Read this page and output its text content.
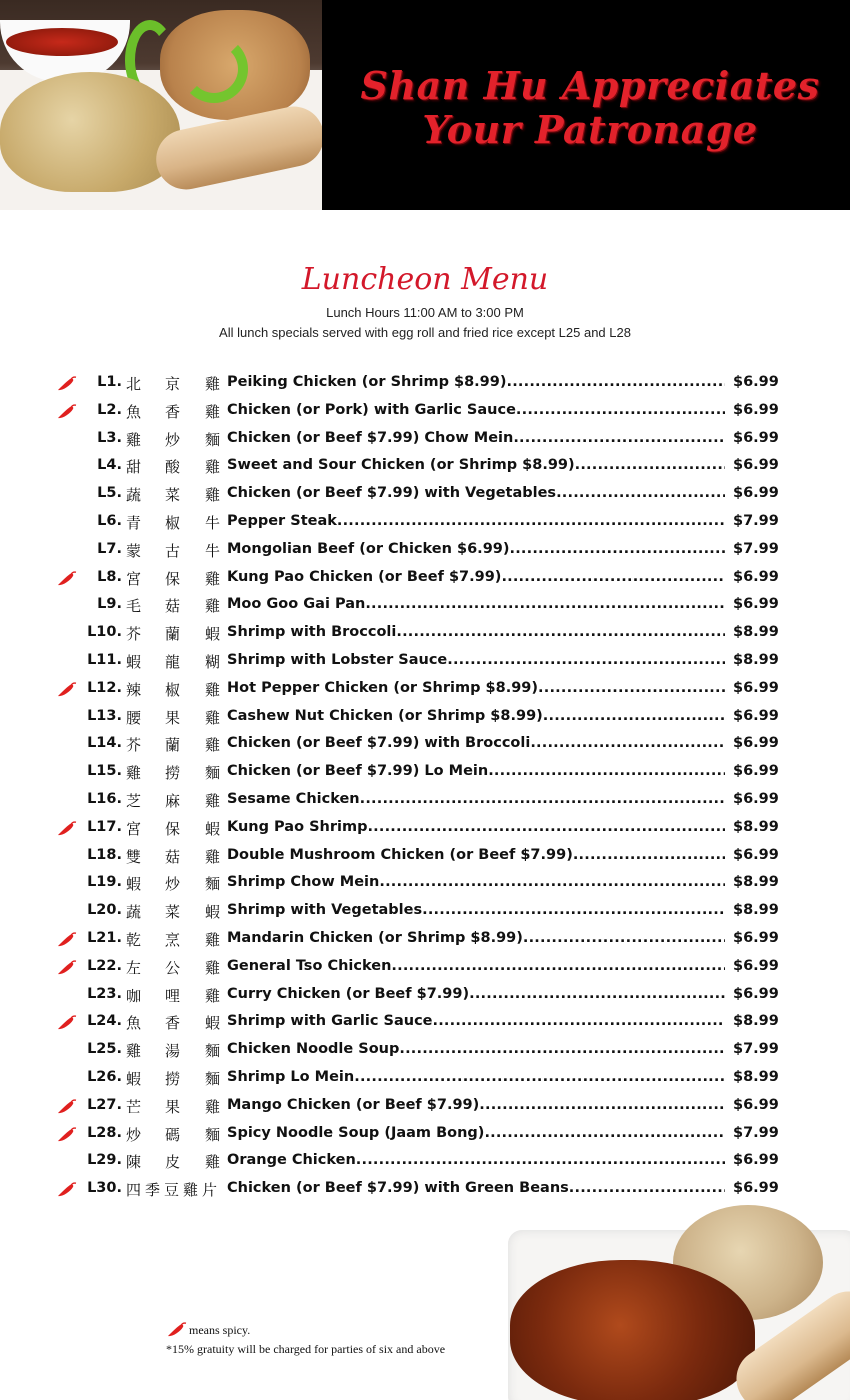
Shan Hu Appreciates
Your Patronage
Luncheon Menu
Lunch Hours 11:00 AM to 3:00 PM
All lunch specials served with egg roll and fried rice except L25 and L28
L1. 北 京 雞 Peiking Chicken (or Shrimp $8.99) .....	$6.99
L2. 魚 香 雞 Chicken (or Pork) with Garlic Sauce .....	$6.99
L3. 雞 炒 麵 Chicken (or Beef $7.99) Chow Mein .....	$6.99
L4. 甜 酸 雞 Sweet and Sour Chicken (or Shrimp $8.99) .....	$6.99
L5. 蔬 菜 雞 Chicken (or Beef $7.99) with Vegetables .....	$6.99
L6. 青 椒 牛 Pepper Steak .....	$7.99
L7. 蒙 古 牛 Mongolian Beef (or Chicken $6.99) .....	$7.99
L8. 宮 保 雞 Kung Pao Chicken (or Beef $7.99) .....	$6.99
L9. 毛 菇 雞 Moo Goo Gai Pan .....	$6.99
L10. 芥 蘭 蝦 Shrimp with Broccoli .....	$8.99
L11. 蝦 龍 糊 Shrimp with Lobster Sauce .....	$8.99
L12. 辣 椒 雞 Hot Pepper Chicken (or Shrimp $8.99) .....	$6.99
L13. 腰 果 雞 Cashew Nut Chicken (or Shrimp $8.99) .....	$6.99
L14. 芥 蘭 雞 Chicken (or Beef $7.99) with Broccoli .....	$6.99
L15. 雞 撈 麵 Chicken (or Beef $7.99) Lo Mein .....	$6.99
L16. 芝 麻 雞 Sesame Chicken .....	$6.99
L17. 宮 保 蝦 Kung Pao Shrimp .....	$8.99
L18. 雙 菇 雞 Double Mushroom Chicken (or Beef $7.99) .....	$6.99
L19. 蝦 炒 麵 Shrimp Chow Mein .....	$8.99
L20. 蔬 菜 蝦 Shrimp with Vegetables .....	$8.99
L21. 乾 烹 雞 Mandarin Chicken (or Shrimp $8.99) .....	$6.99
L22. 左 公 雞 General Tso Chicken .....	$6.99
L23. 咖 哩 雞 Curry Chicken (or Beef $7.99) .....	$6.99
L24. 魚 香 蝦 Shrimp with Garlic Sauce .....	$8.99
L25. 雞 湯 麵 Chicken Noodle Soup .....	$7.99
L26. 蝦 撈 麵 Shrimp Lo Mein .....	$8.99
L27. 芒 果 雞 Mango Chicken (or Beef $7.99) .....	$6.99
L28. 炒 碼 麵 Spicy Noodle Soup (Jaam Bong) .....	$7.99
L29. 陳 皮 雞 Orange Chicken .....	$6.99
L30. 四季豆雞片 Chicken (or Beef $7.99) with Green Beans .....	$6.99
means spicy.
*15% gratuity will be charged for parties of six and above
